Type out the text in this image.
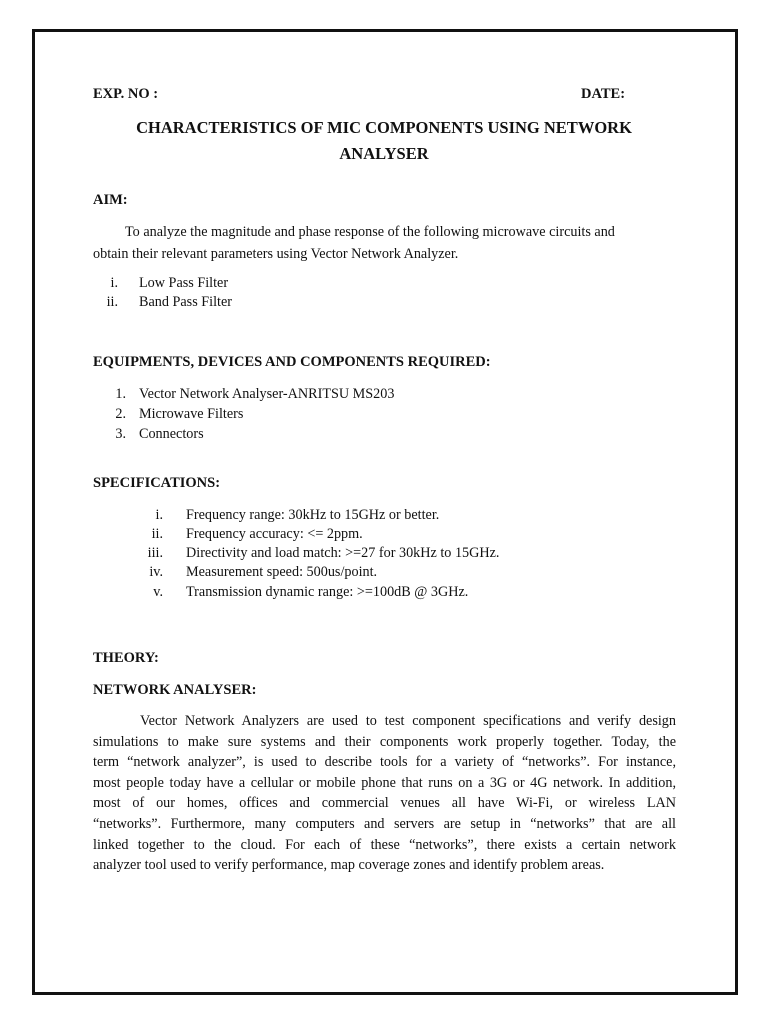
EXP. NO :	DATE:
CHARACTERISTICS OF MIC COMPONENTS USING NETWORK
ANALYSER
AIM:
To analyze the magnitude and phase response of the following microwave circuits and
obtain their relevant parameters using Vector Network Analyzer.
i. Low Pass Filter
ii. Band Pass Filter
EQUIPMENTS, DEVICES AND COMPONENTS REQUIRED:
1. Vector Network Analyser-ANRITSU MS203
2. Microwave Filters
3. Connectors
SPECIFICATIONS:
i. Frequency range: 30kHz to 15GHz or better.
ii. Frequency accuracy: <= 2ppm.
iii. Directivity and load match: >=27 for 30kHz to 15GHz.
iv. Measurement speed: 500us/point.
v. Transmission dynamic range: >=100dB @ 3GHz.
THEORY:
NETWORK ANALYSER:
Vector Network Analyzers are used to test component specifications and verify design
simulations to make sure systems and their components work properly together. Today, the
term “network analyzer”, is used to describe tools for a variety of “networks”. For instance,
most people today have a cellular or mobile phone that runs on a 3G or 4G network. In addition,
most of our homes, offices and commercial venues all have Wi-Fi, or wireless LAN
“networks”. Furthermore, many computers and servers are setup in “networks” that are all
linked together to the cloud. For each of these “networks”, there exists a certain network
analyzer tool used to verify performance, map coverage zones and identify problem areas.
